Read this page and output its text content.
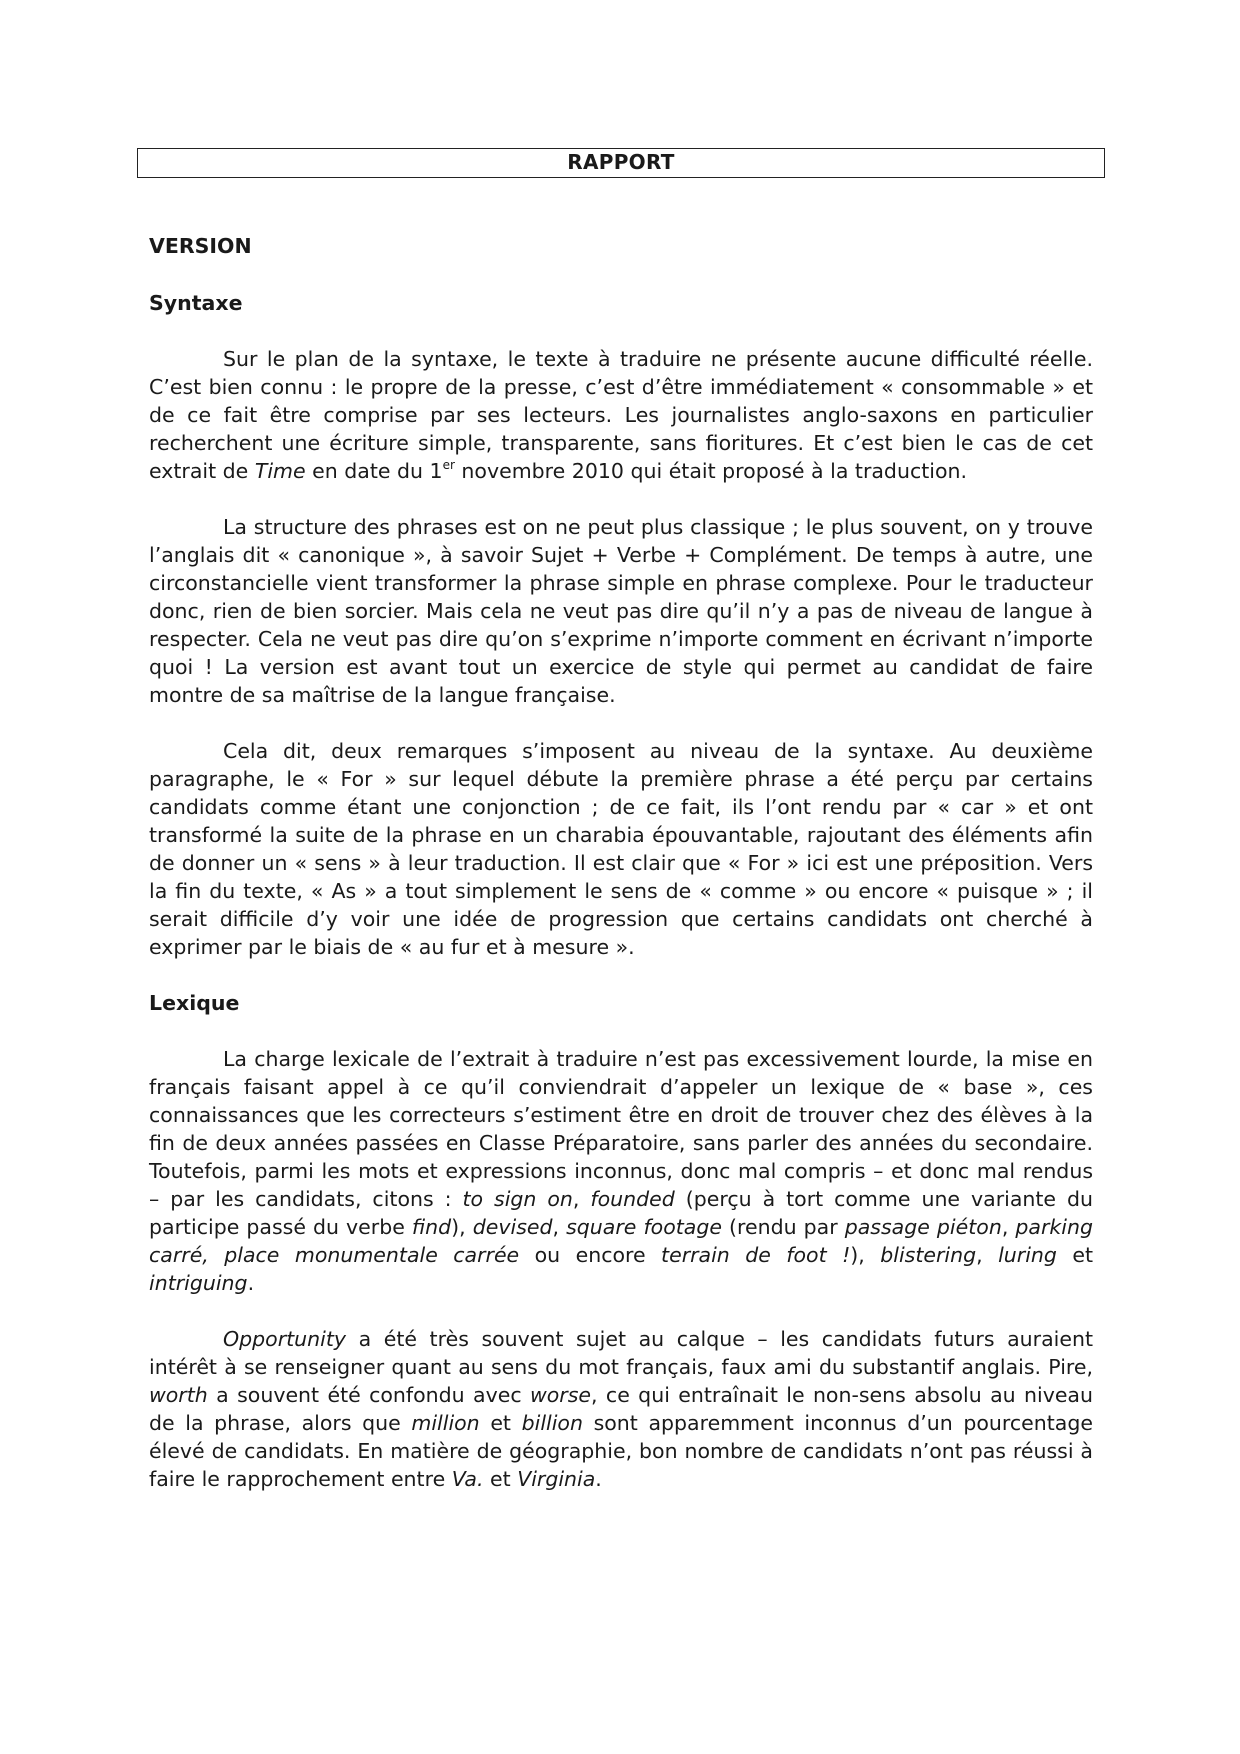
RAPPORT
VERSION
Syntaxe

Sur le plan de la syntaxe, le texte à traduire ne présente aucune difficulté réelle. C’est bien connu : le propre de la presse, c’est d’être immédiatement « consommable » et de ce fait être comprise par ses lecteurs. Les journalistes anglo-saxons en particulier recherchent une écriture simple, transparente, sans fioritures. Et c’est bien le cas de cet extrait de Time en date du 1er novembre 2010 qui était proposé à la traduction.

La structure des phrases est on ne peut plus classique ; le plus souvent, on y trouve l’anglais dit « canonique », à savoir Sujet + Verbe + Complément. De temps à autre, une circonstancielle vient transformer la phrase simple en phrase complexe. Pour le traducteur donc, rien de bien sorcier. Mais cela ne veut pas dire qu’il n’y a pas de niveau de langue à respecter. Cela ne veut pas dire qu’on s’exprime n’importe comment en écrivant n’importe quoi ! La version est avant tout un exercice de style qui permet au candidat de faire montre de sa maîtrise de la langue française.

Cela dit, deux remarques s’imposent au niveau de la syntaxe. Au deuxième paragraphe, le « For » sur lequel débute la première phrase a été perçu par certains candidats comme étant une conjonction ; de ce fait, ils l’ont rendu par « car » et ont transformé la suite de la phrase en un charabia épouvantable, rajoutant des éléments afin de donner un « sens » à leur traduction. Il est clair que « For » ici est une préposition. Vers la fin du texte, « As » a tout simplement le sens de « comme » ou encore « puisque » ; il serait difficile d’y voir une idée de progression que certains candidats ont cherché à exprimer par le biais de « au fur et à mesure ».

Lexique

La charge lexicale de l’extrait à traduire n’est pas excessivement lourde, la mise en français faisant appel à ce qu’il conviendrait d’appeler un lexique de « base », ces connaissances que les correcteurs s’estiment être en droit de trouver chez des élèves à la fin de deux années passées en Classe Préparatoire, sans parler des années du secondaire. Toutefois, parmi les mots et expressions inconnus, donc mal compris – et donc mal rendus – par les candidats, citons : to sign on, founded (perçu à tort comme une variante du participe passé du verbe find), devised, square footage (rendu par passage piéton, parking carré, place monumentale carrée ou encore terrain de foot !), blistering, luring et intriguing.

Opportunity a été très souvent sujet au calque – les candidats futurs auraient intérêt à se renseigner quant au sens du mot français, faux ami du substantif anglais. Pire, worth a souvent été confondu avec worse, ce qui entraînait le non-sens absolu au niveau de la phrase, alors que million et billion sont apparemment inconnus d’un pourcentage élevé de candidats. En matière de géographie, bon nombre de candidats n’ont pas réussi à faire le rapprochement entre Va. et Virginia.
